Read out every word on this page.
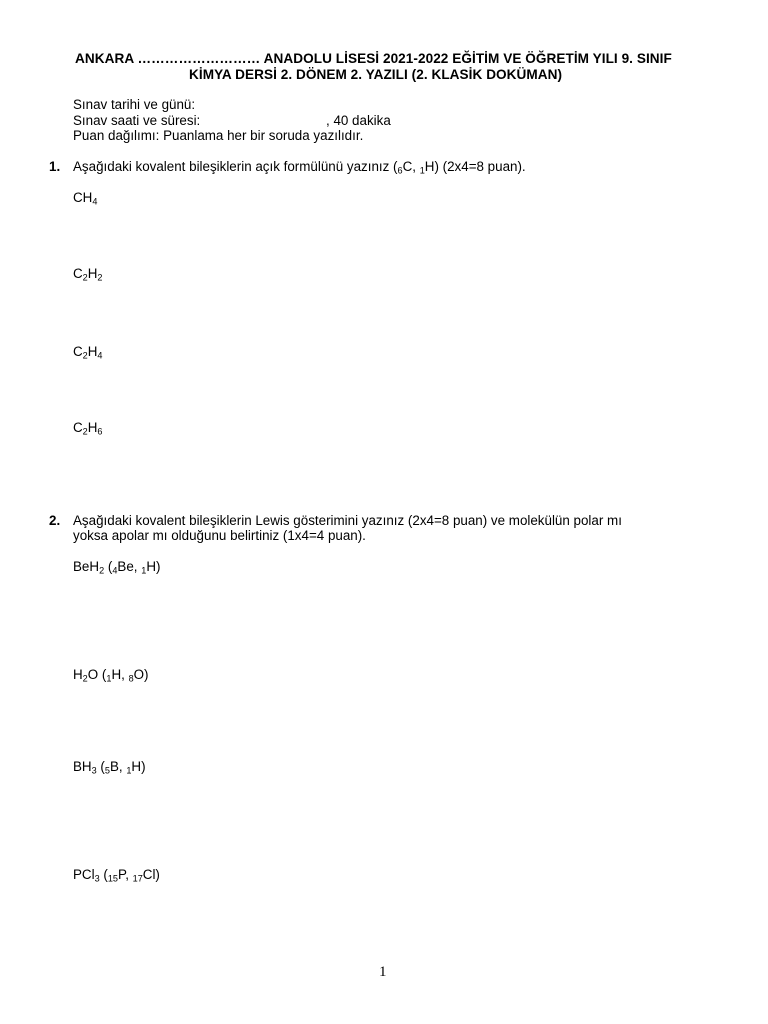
ANKARA ……………………… ANADOLU LİSESİ 2021-2022 EĞİTİM VE ÖĞRETİM YILI 9. SINIF
KİMYA DERSİ 2. DÖNEM 2. YAZILI (2. KLASİK DOKÜMAN)
Sınav tarihi ve günü:
Sınav saati ve süresi:	, 40 dakika
Puan dağılımı: Puanlama her bir soruda yazılıdır.
1. Aşağıdaki kovalent bileşiklerin açık formülünü yazınız (6C, 1H) (2x4=8 puan).
$CH_4$
$C_2H_2$
$C_2H_4$
$C_2H_6$
2. Aşağıdaki kovalent bileşiklerin Lewis gösterimini yazınız (2x4=8 puan) ve molekülün polar mı
yoksa apolar mı olduğunu belirtiniz (1x4=4 puan).
BeH$_2$ (4Be, 1H)
$H_2O$ (1H, 8O)
$BH_3$ (5B, 1H)
PCl$_3$ (15P, 17Cl)
1
